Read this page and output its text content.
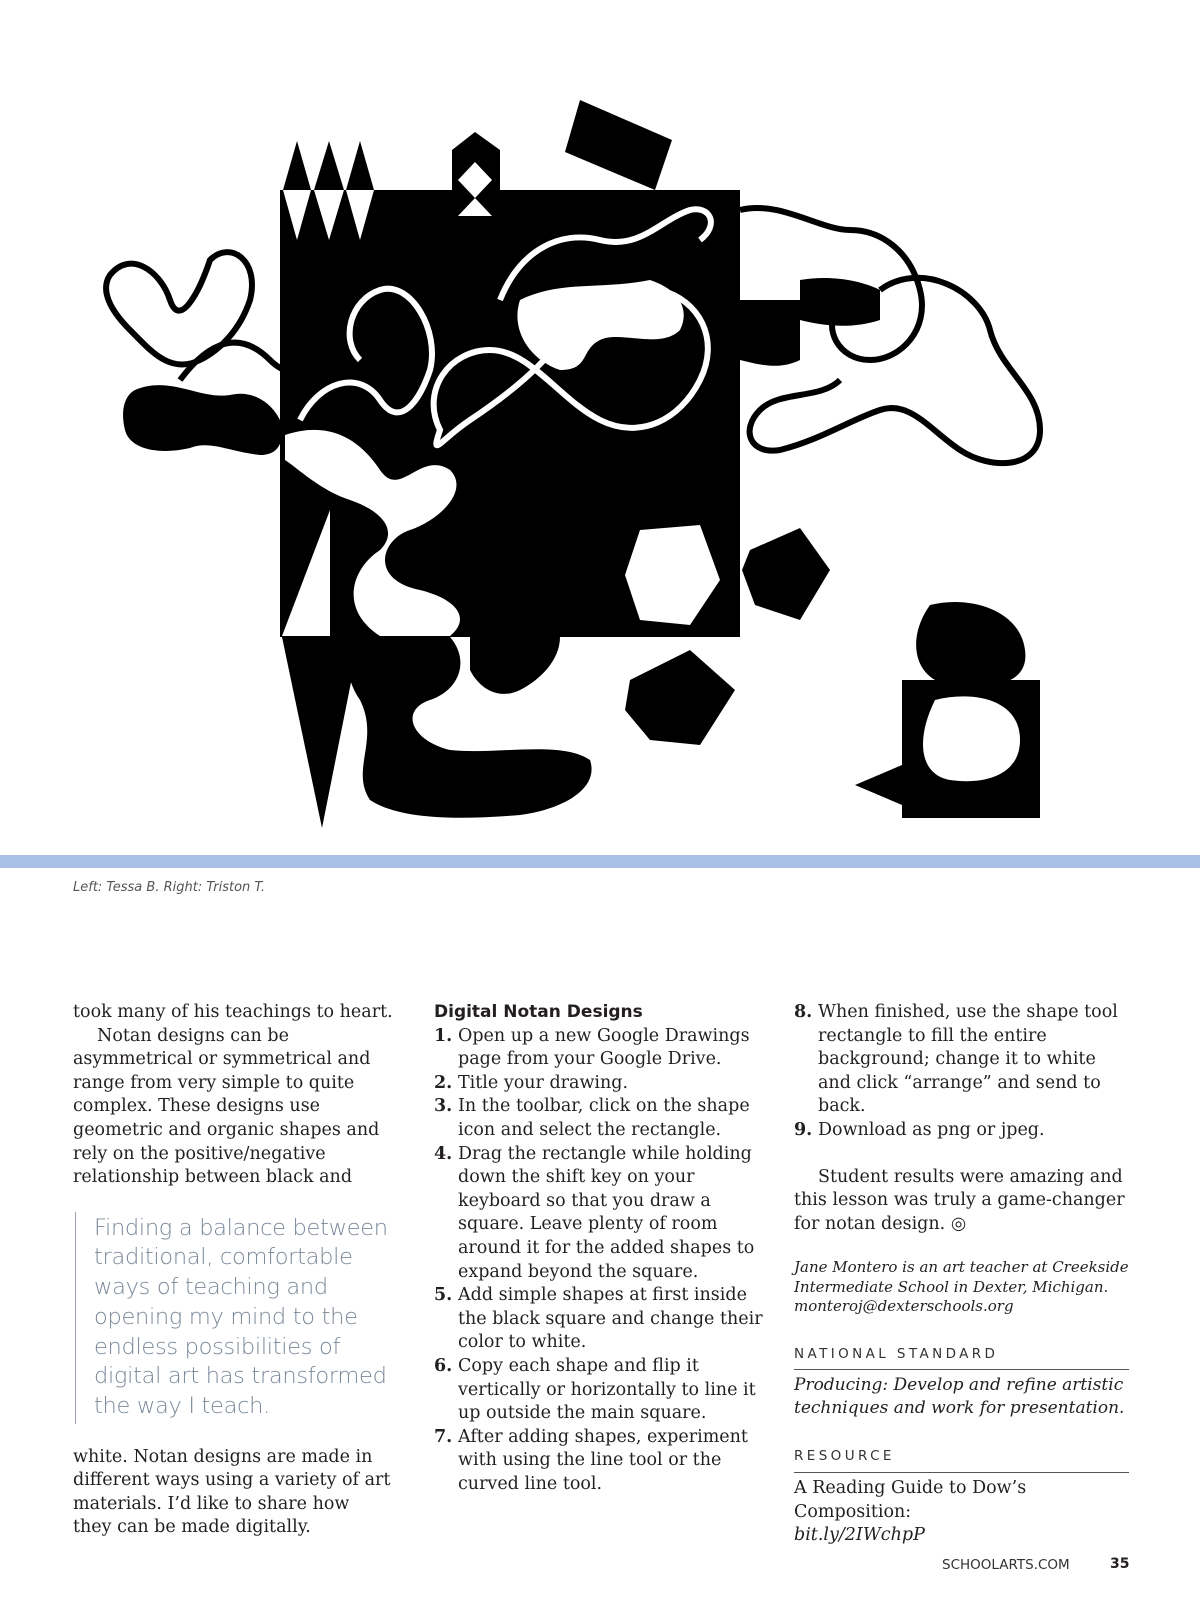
Left: Tessa B. Right: Triston T.

took many of his teachings to heart.

Notan designs can be asymmetrical or symmetrical and range from very simple to quite complex. These designs use geometric and organic shapes and rely on the positive/negative relationship between black and

Finding a balance between traditional, comfortable ways of teaching and opening my mind to the endless possibilities of digital art has transformed the way I teach.

white. Notan designs are made in different ways using a variety of art materials. I’d like to share how they can be made digitally.

Digital Notan Designs
1. Open up a new Google Drawings page from your Google Drive.
2. Title your drawing.
3. In the toolbar, click on the shape icon and select the rectangle.
4. Drag the rectangle while holding down the shift key on your keyboard so that you draw a square. Leave plenty of room around it for the added shapes to expand beyond the square.
5. Add simple shapes at first inside the black square and change their color to white.
6. Copy each shape and flip it vertically or horizontally to line it up outside the main square.
7. After adding shapes, experiment with using the line tool or the curved line tool.
8. When finished, use the shape tool rectangle to fill the entire background; change it to white and click “arrange” and send to back.
9. Download as png or jpeg.

Student results were amazing and this lesson was truly a game-changer for notan design. ◎

Jane Montero is an art teacher at Creekside Intermediate School in Dexter, Michigan. monteroj@dexterschools.org
NATIONAL STANDARD
Producing: Develop and refine artistic techniques and work for presentation.
RESOURCE
A Reading Guide to Dow’s Composition:
bit.ly/2IWchpP
SCHOOLARTS.COM	35
